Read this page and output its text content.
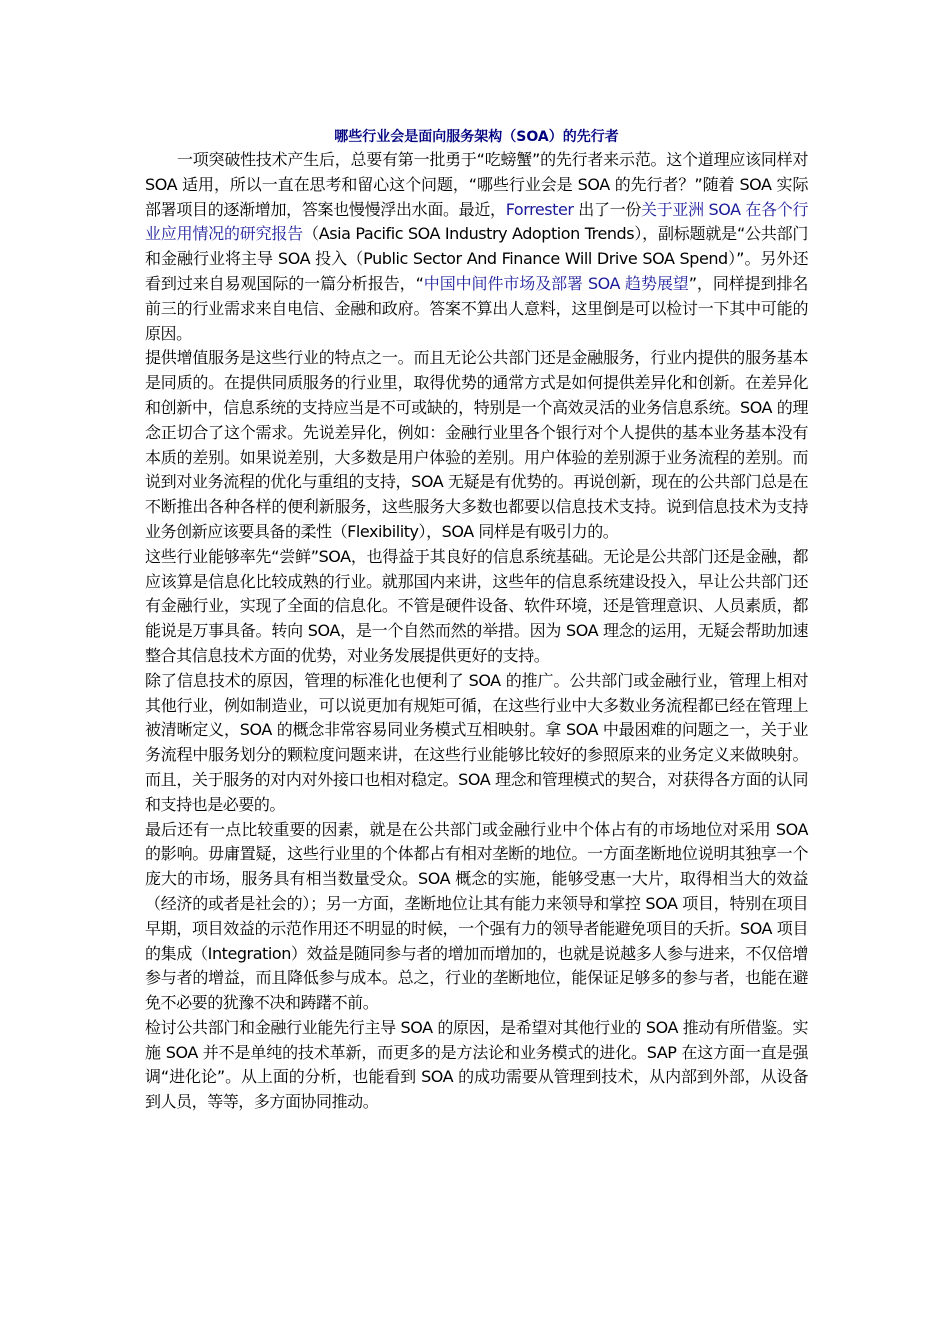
哪些行业会是面向服务架构（SOA）的先行者

一项突破性技术产生后，总要有第一批勇于“吃螃蟹”的先行者来示范。这个道理应该同样对 SOA 适用，所以一直在思考和留心这个问题，“哪些行业会是 SOA 的先行者？”随着 SOA 实际部署项目的逐渐增加，答案也慢慢浮出水面。最近，Forrester 出了一份关于亚洲 SOA 在各个行业应用情况的研究报告（Asia Pacific SOA Industry Adoption Trends），副标题就是“公共部门和金融行业将主导 SOA 投入（Public Sector And Finance Will Drive SOA Spend）”。另外还看到过来自易观国际的一篇分析报告，“中国中间件市场及部署 SOA 趋势展望”，同样提到排名前三的行业需求来自电信、金融和政府。答案不算出人意料，这里倒是可以检讨一下其中可能的原因。

提供增值服务是这些行业的特点之一。而且无论公共部门还是金融服务，行业内提供的服务基本是同质的。在提供同质服务的行业里，取得优势的通常方式是如何提供差异化和创新。在差异化和创新中，信息系统的支持应当是不可或缺的，特别是一个高效灵活的业务信息系统。SOA 的理念正切合了这个需求。先说差异化，例如：金融行业里各个银行对个人提供的基本业务基本没有本质的差别。如果说差别，大多数是用户体验的差别。用户体验的差别源于业务流程的差别。而说到对业务流程的优化与重组的支持，SOA 无疑是有优势的。再说创新，现在的公共部门总是在不断推出各种各样的便利新服务，这些服务大多数也都要以信息技术支持。说到信息技术为支持业务创新应该要具备的柔性（Flexibility），SOA 同样是有吸引力的。

这些行业能够率先“尝鲜”SOA，也得益于其良好的信息系统基础。无论是公共部门还是金融，都应该算是信息化比较成熟的行业。就那国内来讲，这些年的信息系统建设投入，早让公共部门还有金融行业，实现了全面的信息化。不管是硬件设备、软件环境，还是管理意识、人员素质，都能说是万事具备。转向 SOA，是一个自然而然的举措。因为 SOA 理念的运用，无疑会帮助加速整合其信息技术方面的优势，对业务发展提供更好的支持。

除了信息技术的原因，管理的标准化也便利了 SOA 的推广。公共部门或金融行业，管理上相对其他行业，例如制造业，可以说更加有规矩可循，在这些行业中大多数业务流程都已经在管理上被清晰定义，SOA 的概念非常容易同业务模式互相映射。拿 SOA 中最困难的问题之一，关于业务流程中服务划分的颗粒度问题来讲，在这些行业能够比较好的参照原来的业务定义来做映射。而且，关于服务的对内对外接口也相对稳定。SOA 理念和管理模式的契合，对获得各方面的认同和支持也是必要的。

最后还有一点比较重要的因素，就是在公共部门或金融行业中个体占有的市场地位对采用 SOA 的影响。毋庸置疑，这些行业里的个体都占有相对垄断的地位。一方面垄断地位说明其独享一个庞大的市场，服务具有相当数量受众。SOA 概念的实施，能够受惠一大片，取得相当大的效益（经济的或者是社会的）；另一方面，垄断地位让其有能力来领导和掌控 SOA 项目，特别在项目早期，项目效益的示范作用还不明显的时候，一个强有力的领导者能避免项目的夭折。SOA 项目的集成（Integration）效益是随同参与者的增加而增加的，也就是说越多人参与进来，不仅倍增参与者的增益，而且降低参与成本。总之，行业的垄断地位，能保证足够多的参与者，也能在避免不必要的犹豫不决和踌躇不前。

检讨公共部门和金融行业能先行主导 SOA 的原因，是希望对其他行业的 SOA 推动有所借鉴。实施 SOA 并不是单纯的技术革新，而更多的是方法论和业务模式的进化。SAP 在这方面一直是强调“进化论”。从上面的分析，也能看到 SOA 的成功需要从管理到技术，从内部到外部，从设备到人员，等等，多方面协同推动。
